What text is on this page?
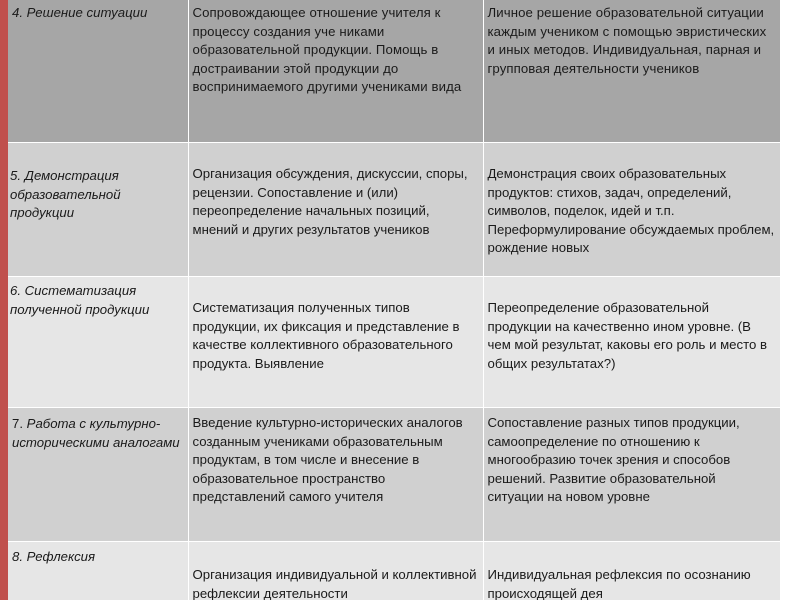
4. Решение ситуации	Сопровождающее отношение учителя к процессу создания уче никами образовательной продукции. Помощь в достраивании этой продукции до воспринимаемого другими учениками вида	Личное решение образовательной ситуации каждым учеником с помощью эвристических и иных методов. Индивидуальная, парная и групповая деятельности учеников

5. Демонстрация образовательной продукции	Организация обсуждения, дискуссии, споры, рецензии. Сопоставление и (или) переопределение начальных позиций, мнений и других результатов учеников	Демонстрация своих образовательных продуктов: стихов, задач, определений, символов, поделок, идей и т.п. Переформулирование обсуждаемых проблем, рождение новых

6. Систематизация полученной продукции	Систематизация полученных типов продукции, их фиксация и представление в качестве коллективного образовательного продукта. Выявление	Переопределение образовательной продукции на качественно ином уровне. (В чем мой результат, каковы его роль и место в общих результатах?)

7. Работа с культурно-историческими аналогами	Введение культурно-исторических аналогов созданным учениками образовательным продуктам, в том числе и внесение в образовательное пространство представлений самого учителя	Сопоставление разных типов продукции, самоопределение по отношению к многообразию точек зрения и способов решений. Развитие образовательной ситуации на новом уровне

8. Рефлексия	Организация индивидуальной и коллективной рефлексии деятельности	Индивидуальная рефлексия по осознанию происходящей дея
